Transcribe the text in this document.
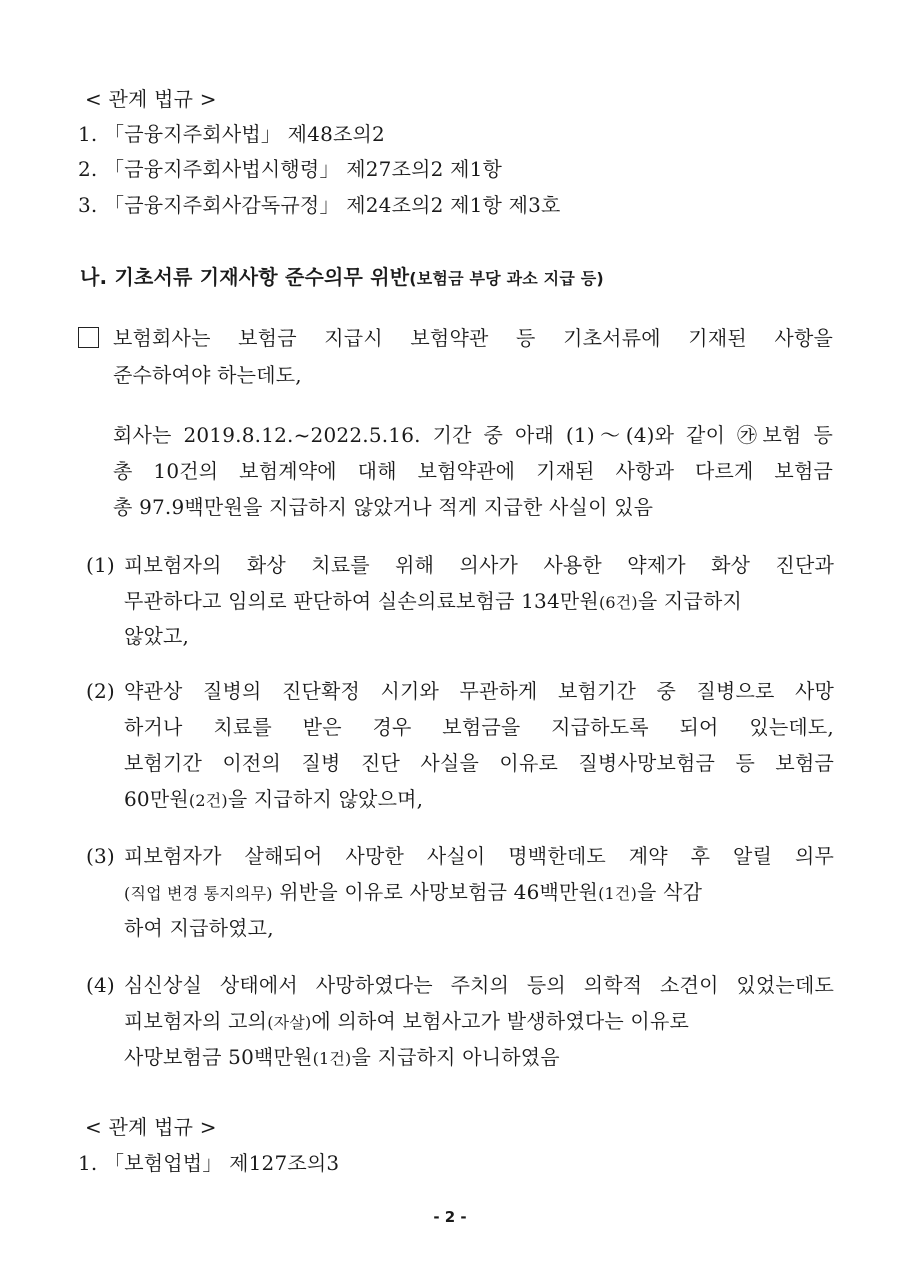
< 관계 법규 >
1. 「금융지주회사법」 제48조의2
2. 「금융지주회사법시행령」 제27조의2 제1항
3. 「금융지주회사감독규정」 제24조의2 제1항 제3호
나. 기초서류 기재사항 준수의무 위반(보험금 부당 과소 지급 등)
보험회사는 보험금 지급시 보험약관 등 기초서류에 기재된 사항을
준수하여야 하는데도,
회사는 2019.8.12.~2022.5.16. 기간 중 아래 (1)～(4)와 같이 ㉮보험 등
총 10건의 보험계약에 대해 보험약관에 기재된 사항과 다르게 보험금
총 97.9백만원을 지급하지 않았거나 적게 지급한 사실이 있음
(1) 피보험자의 화상 치료를 위해 의사가 사용한 약제가 화상 진단과
무관하다고 임의로 판단하여 실손의료보험금 134만원(6건)을 지급하지
않았고,
(2) 약관상 질병의 진단확정 시기와 무관하게 보험기간 중 질병으로 사망
하거나 치료를 받은 경우 보험금을 지급하도록 되어 있는데도,
보험기간 이전의 질병 진단 사실을 이유로 질병사망보험금 등 보험금
60만원(2건)을 지급하지 않았으며,
(3) 피보험자가 살해되어 사망한 사실이 명백한데도 계약 후 알릴 의무
(직업 변경 통지의무) 위반을 이유로 사망보험금 46백만원(1건)을 삭감
하여 지급하였고,
(4) 심신상실 상태에서 사망하였다는 주치의 등의 의학적 소견이 있었는데도
피보험자의 고의(자살)에 의하여 보험사고가 발생하였다는 이유로
사망보험금 50백만원(1건)을 지급하지 아니하였음
< 관계 법규 >
1. 「보험업법」 제127조의3
- 2 -
